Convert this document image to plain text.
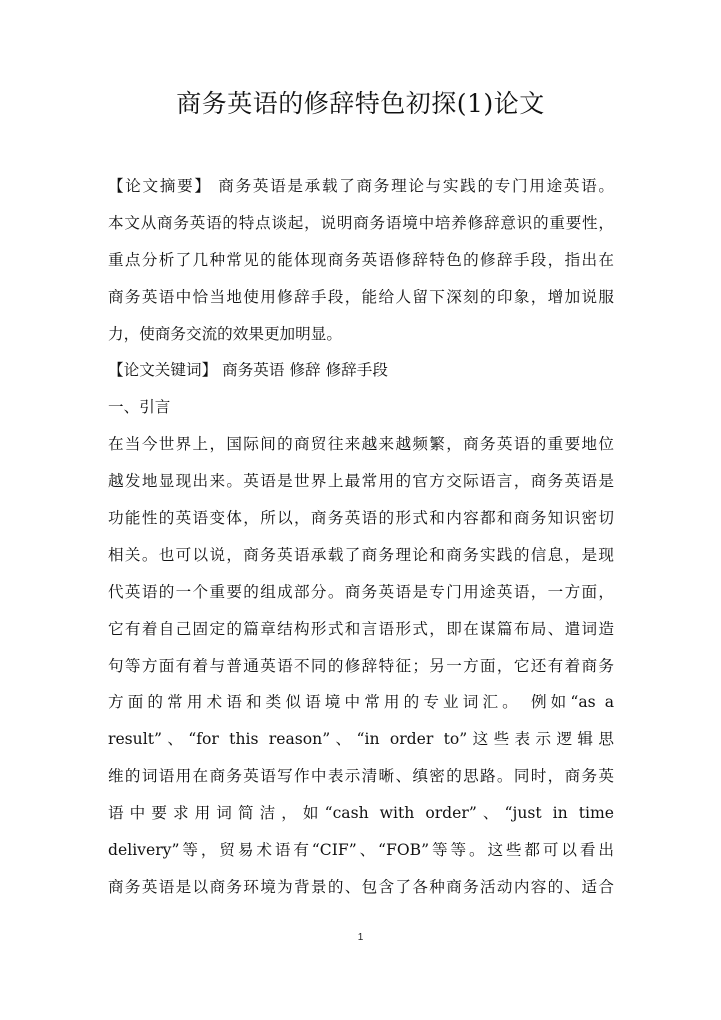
商务英语的修辞特色初探(1)论文
【论文摘要】 商务英语是承载了商务理论与实践的专门用途英语。
本文从商务英语的特点谈起，说明商务语境中培养修辞意识的重要性，
重点分析了几种常见的能体现商务英语修辞特色的修辞手段，指出在
商务英语中恰当地使用修辞手段，能给人留下深刻的印象，增加说服
力，使商务交流的效果更加明显。
【论文关键词】 商务英语 修辞 修辞手段
一、引言
在当今世界上，国际间的商贸往来越来越频繁，商务英语的重要地位
越发地显现出来。英语是世界上最常用的官方交际语言，商务英语是
功能性的英语变体，所以，商务英语的形式和内容都和商务知识密切
相关。也可以说，商务英语承载了商务理论和商务实践的信息，是现
代英语的一个重要的组成部分。商务英语是专门用途英语，一方面，
它有着自己固定的篇章结构形式和言语形式，即在谋篇布局、遣词造
句等方面有着与普通英语不同的修辞特征；另一方面，它还有着商务
方面的常用术语和类似语境中常用的专业词汇。 例如“as a
result”、“for this reason”、“in order to”这些表示逻辑思
维的词语用在商务英语写作中表示清晰、缜密的思路。同时，商务英
语中要求用词简洁，如“cash with order”、“just in time
delivery”等，贸易术语有“CIF”、“FOB”等等。这些都可以看出
商务英语是以商务环境为背景的、包含了各种商务活动内容的、适合
1
